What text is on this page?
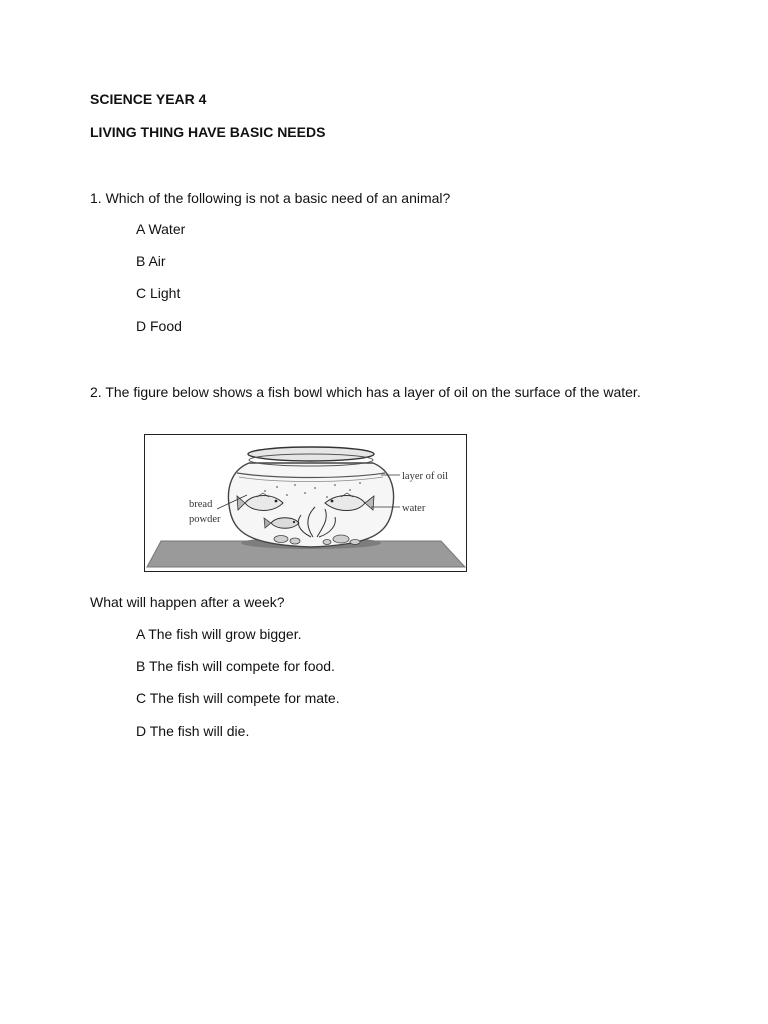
SCIENCE YEAR 4
LIVING THING HAVE BASIC NEEDS
1. Which of the following is not a basic need of an animal?
A Water
B Air
C Light
D Food
2. The figure below shows a fish bowl which has a layer of oil on the surface of the water.
layer of oil
water
bread
powder
What will happen after a week?
A The fish will grow bigger.
B The fish will compete for food.
C The fish will compete for mate.
D The fish will die.
